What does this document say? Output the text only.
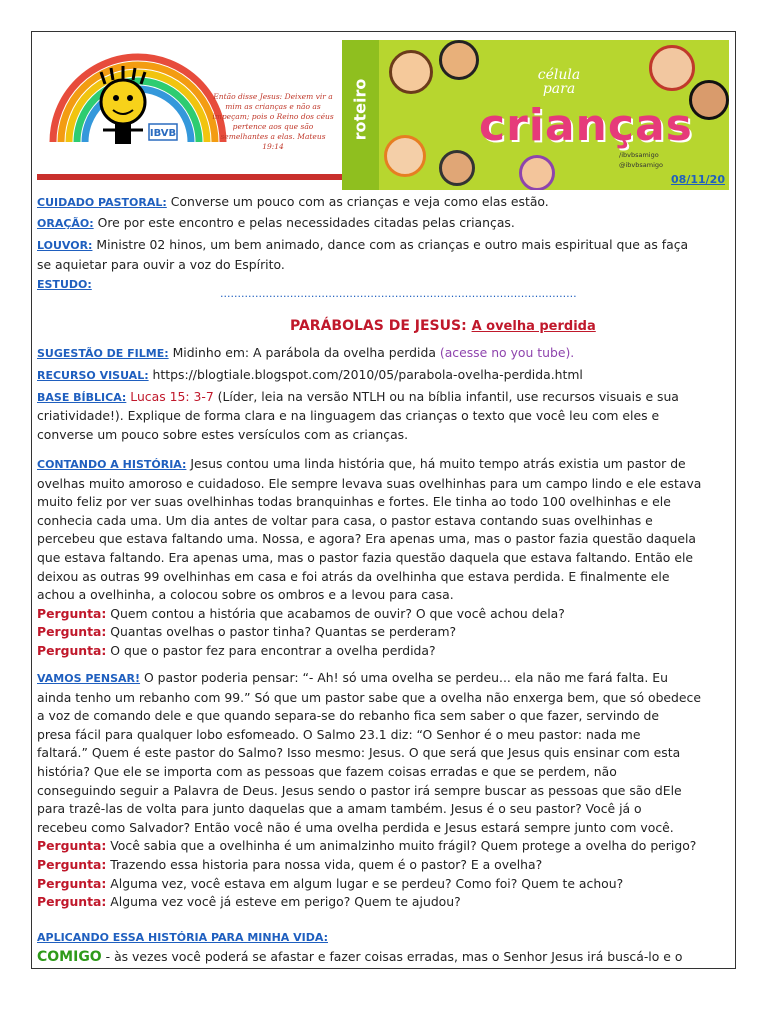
IBVB
Então disse Jesus: Deixem vir a mim as crianças e não as impeçam; pois o Reino dos céus pertence aos que são semelhantes a elas. Mateus 19:14
roteiro
célula para
crianças
/ibvbsamigo
@ibvbsamigo
08/11/20
CUIDADO PASTORAL: Converse um pouco com as crianças e veja como elas estão.
ORAÇÃO: Ore por este encontro e pelas necessidades citadas pelas crianças.
LOUVOR: Ministre 02 hinos, um bem animado, dance com as crianças e outro mais espiritual que as faça
se aquietar para ouvir a voz do Espírito.
ESTUDO:
......................................................................................................
PARÁBOLAS DE JESUS: A ovelha perdida
SUGESTÃO DE FILME: Midinho em: A parábola da ovelha perdida (acesse no you tube).
RECURSO VISUAL: https://blogtiale.blogspot.com/2010/05/parabola-ovelha-perdida.html
BASE BÍBLICA: Lucas 15: 3-7 (Líder, leia na versão NTLH ou na bíblia infantil, use recursos visuais e sua
criatividade!). Explique de forma clara e na linguagem das crianças o texto que você leu com eles e
converse um pouco sobre estes versículos com as crianças.
CONTANDO A HISTÓRIA: Jesus contou uma linda história que, há muito tempo atrás existia um pastor de
ovelhas muito amoroso e cuidadoso. Ele sempre levava suas ovelhinhas para um campo lindo e ele estava
muito feliz por ver suas ovelhinhas todas branquinhas e fortes. Ele tinha ao todo 100 ovelhinhas e ele
conhecia cada uma. Um dia antes de voltar para casa, o pastor estava contando suas ovelhinhas e
percebeu que estava faltando uma. Nossa, e agora? Era apenas uma, mas o pastor fazia questão daquela
que estava faltando. Era apenas uma, mas o pastor fazia questão daquela que estava faltando. Então ele
deixou as outras 99 ovelhinhas em casa e foi atrás da ovelhinha que estava perdida. E finalmente ele
achou a ovelhinha, a colocou sobre os ombros e a levou para casa.
Pergunta: Quem contou a história que acabamos de ouvir? O que você achou dela?
Pergunta: Quantas ovelhas o pastor tinha? Quantas se perderam?
Pergunta: O que o pastor fez para encontrar a ovelha perdida?
VAMOS PENSAR! O pastor poderia pensar: “- Ah! só uma ovelha se perdeu... ela não me fará falta. Eu
ainda tenho um rebanho com 99.” Só que um pastor sabe que a ovelha não enxerga bem, que só obedece
a voz de comando dele e que quando separa-se do rebanho fica sem saber o que fazer, servindo de
presa fácil para qualquer lobo esfomeado. O Salmo 23.1 diz: “O Senhor é o meu pastor: nada me
faltará.” Quem é este pastor do Salmo? Isso mesmo: Jesus. O que será que Jesus quis ensinar com esta
história? Que ele se importa com as pessoas que fazem coisas erradas e que se perdem, não
conseguindo seguir a Palavra de Deus. Jesus sendo o pastor irá sempre buscar as pessoas que são dEle
para trazê-las de volta para junto daquelas que a amam também. Jesus é o seu pastor? Você já o
recebeu como Salvador? Então você não é uma ovelha perdida e Jesus estará sempre junto com você.
Pergunta: Você sabia que a ovelhinha é um animalzinho muito frágil? Quem protege a ovelha do perigo?
Pergunta: Trazendo essa historia para nossa vida, quem é o pastor? E a ovelha?
Pergunta: Alguma vez, você estava em algum lugar e se perdeu? Como foi? Quem te achou?
Pergunta: Alguma vez você já esteve em perigo? Quem te ajudou?
APLICANDO ESSA HISTÓRIA PARA MINHA VIDA:
COMIGO - às vezes você poderá se afastar e fazer coisas erradas, mas o Senhor Jesus irá buscá-lo e o
